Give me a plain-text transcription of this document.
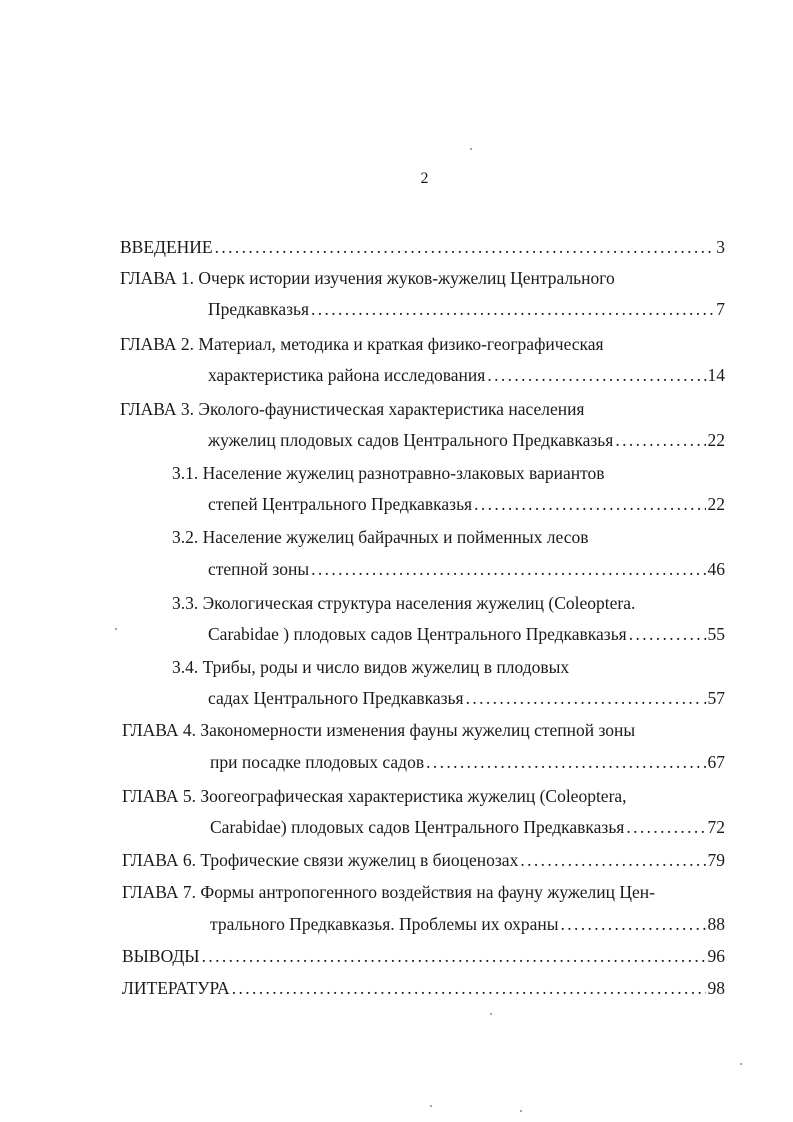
2
ВВЕДЕНИЕ . . .	3
ГЛАВА 1. Очерк истории изучения жуков-жужелиц Центрального
Предкавказья . . .	7
ГЛАВА 2. Материал, методика и краткая физико-географическая
характеристика района исследования . . .	.14
ГЛАВА 3. Эколого-фаунистическая характеристика населения
жужелиц плодовых садов Центрального Предкавказья . . .	22
3.1. Население жужелиц разнотравно-злаковых вариантов
степей Центрального Предкавказья . . .	22
3.2. Население жужелиц байрачных и пойменных лесов
степной зоны . . .	46
3.3. Экологическая структура населения жужелиц (Coleoptera.
Carabidae ) плодовых садов Центрального Предкавказья . . .	.55
3.4. Трибы, роды и число видов жужелиц в плодовых
садах Центрального Предкавказья . . .	.57
ГЛАВА 4. Закономерности изменения фауны жужелиц степной зоны
при посадке плодовых садов . . .	67
ГЛАВА 5. Зоогеографическая характеристика жужелиц (Coleoptera,
Carabidae) плодовых садов Центрального Предкавказья . . .	72
ГЛАВА 6. Трофические связи жужелиц в биоценозах . . .	79
ГЛАВА 7. Формы антропогенного воздействия на фауну жужелиц Цен-
трального Предкавказья. Проблемы их охраны . . .	88
ВЫВОДЫ . . .	96
ЛИТЕРАТУРА . . .	98
